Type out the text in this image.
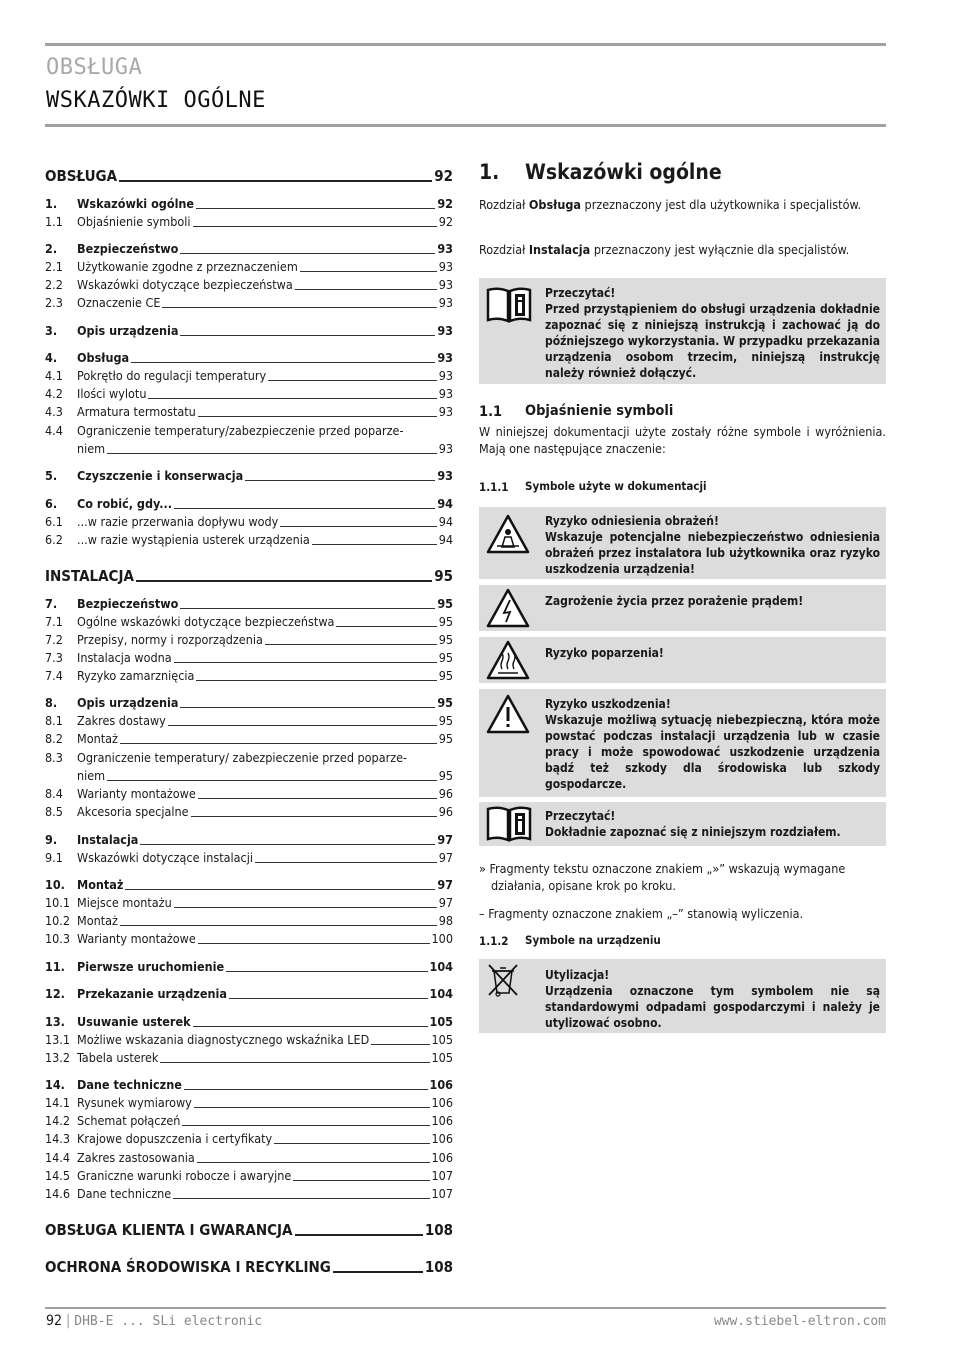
OBSŁUGA
WSKAZÓWKI OGÓLNE
OBSŁUGA	92
1.	Wskazówki ogólne	92
1.1	Objaśnienie symboli	92
2.	Bezpieczeństwo	93
2.1	Użytkowanie zgodne z przeznaczeniem	93
2.2	Wskazówki dotyczące bezpieczeństwa	93
2.3	Oznaczenie CE	93
3.	Opis urządzenia	93
4.	Obsługa	93
4.1	Pokrętło do regulacji temperatury	93
4.2	Ilości wylotu	93
4.3	Armatura termostatu	93
4.4	Ograniczenie temperatury/zabezpieczenie przed poparze-
niem	93
5.	Czyszczenie i konserwacja	93
6.	Co robić, gdy...	94
6.1	...w razie przerwania dopływu wody	94
6.2	...w razie wystąpienia usterek urządzenia	94
INSTALACJA	95
7.	Bezpieczeństwo	95
7.1	Ogólne wskazówki dotyczące bezpieczeństwa	95
7.2	Przepisy, normy i rozporządzenia	95
7.3	Instalacja wodna	95
7.4	Ryzyko zamarznięcia	95
8.	Opis urządzenia	95
8.1	Zakres dostawy	95
8.2	Montaż	95
8.3	Ograniczenie temperatury/ zabezpieczenie przed poparze-
niem	95
8.4	Warianty montażowe	96
8.5	Akcesoria specjalne	96
9.	Instalacja	97
9.1	Wskazówki dotyczące instalacji	97
10. Montaż	97
10.1 Miejsce montażu	97
10.2 Montaż	98
10.3 Warianty montażowe	100
11. Pierwsze uruchomienie	104
12. Przekazanie urządzenia	104
13. Usuwanie usterek	105
13.1 Możliwe wskazania diagnostycznego wskaźnika LED	105
13.2 Tabela usterek	105
14. Dane techniczne	106
14.1 Rysunek wymiarowy	106
14.2 Schemat połączeń	106
14.3 Krajowe dopuszczenia i certyfikaty	106
14.4 Zakres zastosowania	106
14.5 Graniczne warunki robocze i awaryjne	107
14.6 Dane techniczne	107
OBSŁUGA KLIENTA I GWARANCJA	108
OCHRONA ŚRODOWISKA I RECYKLING	108
1. Wskazówki ogólne
Rozdział Obsługa przeznaczony jest dla użytkownika i specjalistów.
Rozdział Instalacja przeznaczony jest wyłącznie dla specjalistów.
Przeczytać!
Przed przystąpieniem do obsługi urządzenia dokładnie zapoznać się z niniejszą instrukcją i zachować ją do późniejszego wykorzystania. W przypadku przekazania urządzenia osobom trzecim, niniejszą instrukcję należy również dołączyć.
1.1 Objaśnienie symboli
W niniejszej dokumentacji użyte zostały różne symbole i wyróżnienia. Mają one następujące znaczenie:
1.1.1 Symbole użyte w dokumentacji
Ryzyko odniesienia obrażeń!
Wskazuje potencjalne niebezpieczeństwo odniesienia obrażeń przez instalatora lub użytkownika oraz ryzyko uszkodzenia urządzenia!
Zagrożenie życia przez porażenie prądem!
Ryzyko poparzenia!
Ryzyko uszkodzenia!
Wskazuje możliwą sytuację niebezpieczną, która może powstać podczas instalacji urządzenia lub w czasie pracy i może spowodować uszkodzenie urządzenia bądź też szkody dla środowiska lub szkody gospodarcze.
Przeczytać!
Dokładnie zapoznać się z niniejszym rozdziałem.
» Fragmenty tekstu oznaczone znakiem „»” wskazują wymagane działania, opisane krok po kroku.
– Fragmenty oznaczone znakiem „–” stanowią wyliczenia.
1.1.2 Symbole na urządzeniu
Utylizacja!
Urządzenia oznaczone tym symbolem nie są standardowymi odpadami gospodarczymi i należy je utylizować osobno.
92 | DHB-E ... SLi electronic	www.stiebel-eltron.com
